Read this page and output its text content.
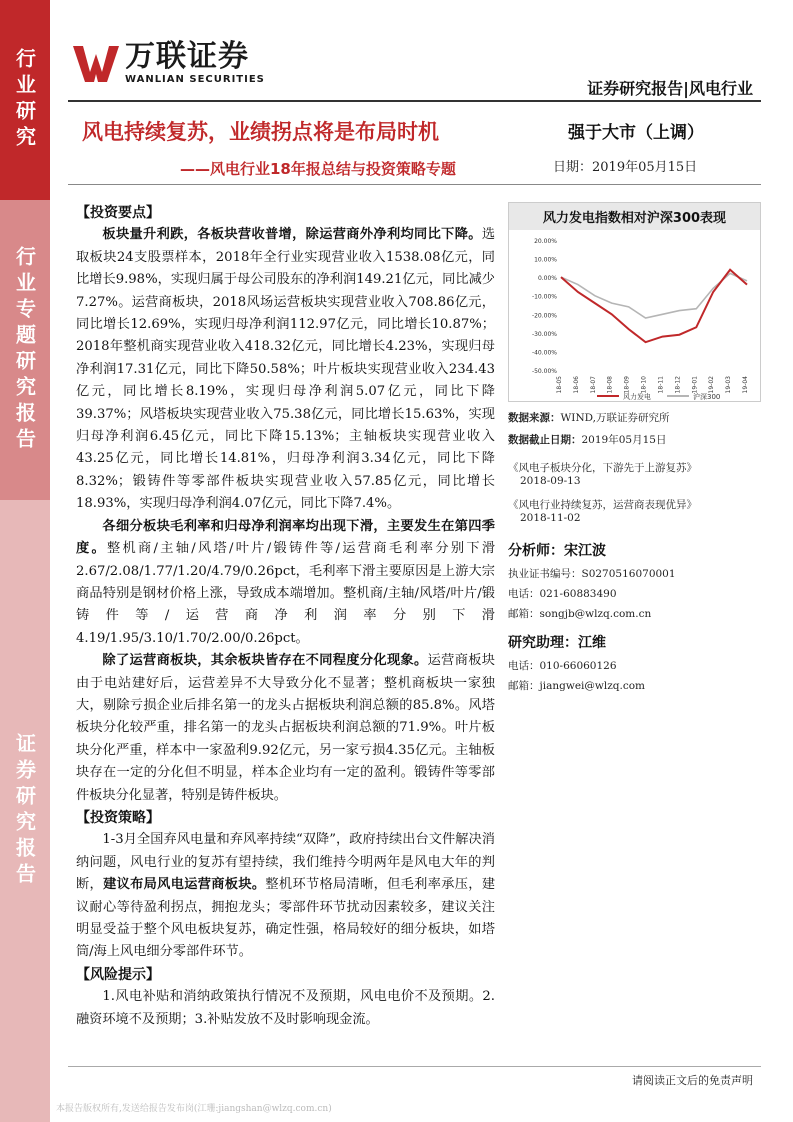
行业研究
行业专题研究报告
证券研究报告
万联证券
WANLIAN SECURITIES	证券研究报告|风电行业
风电持续复苏，业绩拐点将是布局时机
——风电行业18年报总结与投资策略专题
强于大市（上调）
日期：2019年05月15日

【投资要点】

板块量升利跌，各板块营收普增，除运营商外净利均同比下降。选取板块24支股票样本，2018年全行业实现营业收入1538.08亿元，同比增长9.98%，实现归属于母公司股东的净利润149.21亿元，同比减少7.27%。运营商板块，2018风场运营板块实现营业收入708.86亿元，同比增长12.69%，实现归母净利润112.97亿元，同比增长10.87%；2018年整机商实现营业收入418.32亿元，同比增长4.23%，实现归母净利润17.31亿元，同比下降50.58%；叶片板块实现营业收入234.43亿元，同比增长8.19%，实现归母净利润5.07亿元，同比下降39.37%；风塔板块实现营业收入75.38亿元，同比增长15.63%，实现归母净利润6.45亿元，同比下降15.13%；主轴板块实现营业收入43.25亿元，同比增长14.81%，归母净利润3.34亿元，同比下降8.32%；锻铸件等零部件板块实现营业收入57.85亿元，同比增长18.93%，实现归母净利润4.07亿元，同比下降7.4%。

各细分板块毛利率和归母净利润率均出现下滑，主要发生在第四季度。整机商/主轴/风塔/叶片/锻铸件等/运营商毛利率分别下滑2.67/2.08/1.77/1.20/4.79/0.26pct，毛利率下滑主要原因是上游大宗商品特别是钢材价格上涨，导致成本端增加。整机商/主轴/风塔/叶片/锻铸件等/运营商净利润率分别下滑4.19/1.95/3.10/1.70/2.00/0.26pct。

除了运营商板块，其余板块皆存在不同程度分化现象。运营商板块由于电站建好后，运营差异不大导致分化不显著；整机商板块一家独大，剔除亏损企业后排名第一的龙头占据板块利润总额的85.8%。风塔板块分化较严重，排名第一的龙头占据板块利润总额的71.9%。叶片板块分化严重，样本中一家盈利9.92亿元，另一家亏损4.35亿元。主轴板块存在一定的分化但不明显，样本企业均有一定的盈利。锻铸件等零部件板块分化显著，特别是铸件板块。

【投资策略】

1-3月全国弃风电量和弃风率持续“双降”，政府持续出台文件解决消纳问题，风电行业的复苏有望持续，我们维持今明两年是风电大年的判断，建议布局风电运营商板块。整机环节格局清晰，但毛利率承压，建议耐心等待盈利拐点，拥抱龙头；零部件环节扰动因素较多，建议关注明显受益于整个风电板块复苏，确定性强，格局较好的细分板块，如塔筒/海上风电细分零部件环节。

【风险提示】

1.风电补贴和消纳政策执行情况不及预期，风电电价不及预期。2.融资环境不及预期；3.补贴发放不及时影响现金流。

风力发电指数相对沪深300表现
20.00%
10.00%
0.00%
-10.00%
-20.00%
-30.00%
-40.00%
-50.00%
18-05 18-06 18-07 18-08 18-09 18-10 18-11 18-12 19-01 19-02 19-03 19-04
风力发电	沪深300
数据来源：WIND,万联证券研究所
数据截止日期：2019年05月15日
《风电子板块分化，下游先于上游复苏》
2018-09-13
《风电行业持续复苏，运营商表现优异》
2018-11-02
分析师：宋江波
执业证书编号：S0270516070001
电话：021-60883490
邮箱：songjb@wlzq.com.cn
研究助理：江维
电话：010-66060126
邮箱：jiangwei@wlzq.com
请阅读正文后的免责声明
本报告版权所有,发送给报告发布岗(江珊:jiangshan@wlzq.com.cn)
